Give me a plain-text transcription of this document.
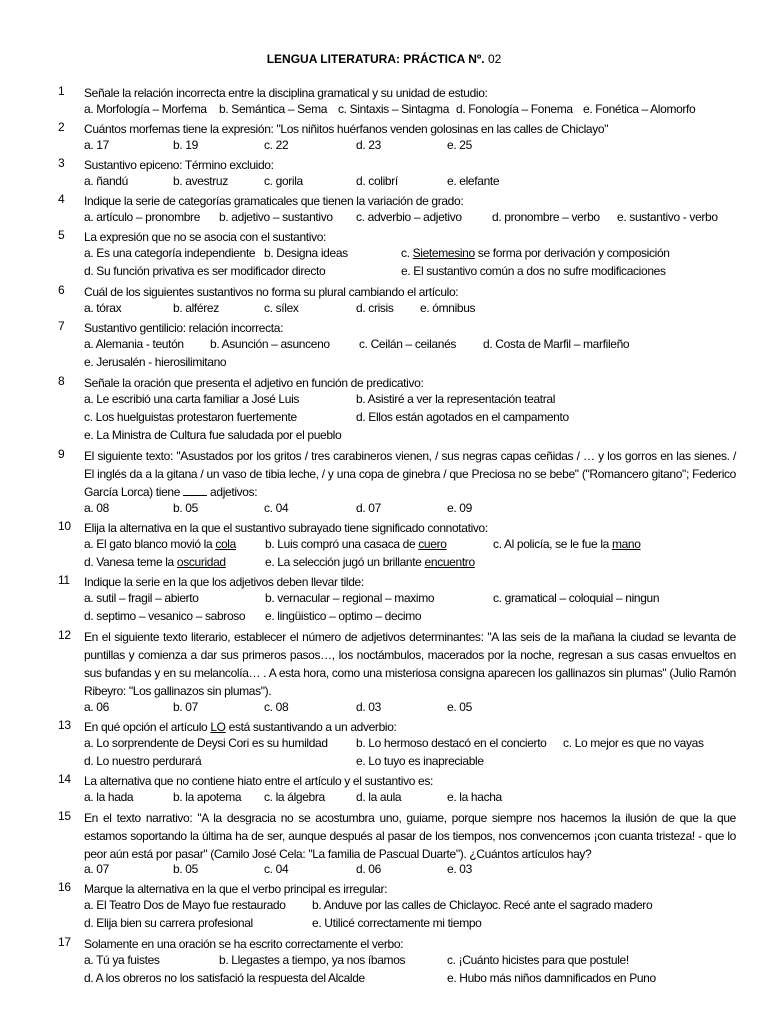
LENGUA LITERATURA: PRÁCTICA Nº. 02
1	Señale la relación incorrecta entre la disciplina gramatical y su unidad de estudio:
a. Morfología – Morfema b. Semántica – Sema c. Sintaxis – Sintagma d. Fonología – Fonema e. Fonética – Alomorfo
2	Cuántos morfemas tiene la expresión: "Los niñitos huérfanos venden golosinas en las calles de Chiclayo"
a. 17	b. 19	c. 22	d. 23	e. 25
3	Sustantivo epiceno: Término excluido:
a. ñandú	b. avestruz	c. gorila	d. colibrí	e. elefante
4	Indique la serie de categorías gramaticales que tienen la variación de grado:
a. artículo – pronombre b. adjetivo – sustantivo c. adverbio – adjetivo	d. pronombre – verbo e. sustantivo - verbo
5	La expresión que no se asocia con el sustantivo:
a. Es una categoría independiente b. Designa ideas	c. Sietemesino se forma por derivación y composición
d. Su función privativa es ser modificador directo	e. El sustantivo común a dos no sufre modificaciones
6	Cuál de los siguientes sustantivos no forma su plural cambiando el artículo:
a. tórax	b. alférez	c. sílex	d. crisis e. ómnibus
7	Sustantivo gentilicio: relación incorrecta:
a. Alemania - teutón b. Asunción – asunceno c. Ceilán – ceilanés d. Costa de Marfil – marfileño
e. Jerusalén - hierosilimitano
8	Señale la oración que presenta el adjetivo en función de predicativo:
a. Le escribió una carta familiar a José Luis	b. Asistiré a ver la representación teatral
c. Los huelguistas protestaron fuertemente	d. Ellos están agotados en el campamento
e. La Ministra de Cultura fue saludada por el pueblo
9	El siguiente texto: "Asustados por los gritos / tres carabineros vienen, / sus negras capas ceñidas / … y los gorros en las sienes. / El inglés da a la gitana / un vaso de tibia leche, / y una copa de ginebra / que Preciosa no se bebe" ("Romancero gitano"; Federico García Lorca) tiene adjetivos:
a. 08	b. 05	c. 04	d. 07	e. 09
10 Elija la alternativa en la que el sustantivo subrayado tiene significado connotativo:
a. El gato blanco movió la cola b. Luis compró una casaca de cuero	c. Al policía, se le fue la mano
d. Vanesa teme la oscuridad	e. La selección jugó un brillante encuentro
11	Indique la serie en la que los adjetivos deben llevar tilde:
a. sutil – fragil – abierto	b. vernacular – regional – maximo	c. gramatical – coloquial – ningun
d. septimo – vesanico – sabroso e. lingüistico – optimo – decimo
12 En el siguiente texto literario, establecer el número de adjetivos determinantes: "A las seis de la mañana la ciudad se levanta de puntillas y comienza a dar sus primeros pasos…, los noctámbulos, macerados por la noche, regresan a sus casas envueltos en sus bufandas y en su melancolía… . A esta hora, como una misteriosa consigna aparecen los gallinazos sin plumas" (Julio Ramón Ribeyro: "Los gallinazos sin plumas").
a. 06	b. 07	c. 08	d. 03	e. 05
13 En qué opción el artículo LO está sustantivando a un adverbio:
a. Lo sorprendente de Deysi Cori es su humildad b. Lo hermoso destacó en el concierto c. Lo mejor es que no vayas
d. Lo nuestro perdurará	e. Lo tuyo es inapreciable
14 La alternativa que no contiene hiato entre el artículo y el sustantivo es:
a. la hada	b. la apotema c. la álgebra	d. la aula	e. la hacha
15 En el texto narrativo: "A la desgracia no se acostumbra uno, guiame, porque siempre nos hacemos la ilusión de que la que estamos soportando la última ha de ser, aunque después al pasar de los tiempos, nos convencemos ¡con cuanta tristeza! - que lo peor aún está por pasar" (Camilo José Cela: "La familia de Pascual Duarte"). ¿Cuántos artículos hay?
a. 07	b. 05	c. 04	d. 06	e. 03
16 Marque la alternativa en la que el verbo principal es irregular:
a. El Teatro Dos de Mayo fue restaurado b. Anduve por las calles de Chiclayo c. Recé ante el sagrado madero
d. Elija bien su carrera profesional	e. Utilicé correctamente mi tiempo
17 Solamente en una oración se ha escrito correctamente el verbo:
a. Tú ya fuistes	b. Llegastes a tiempo, ya nos íbamos	c. ¡Cuánto hicistes para que postule!
d. A los obreros no los satisfació la respuesta del Alcalde	e. Hubo más niños damnificados en Puno
